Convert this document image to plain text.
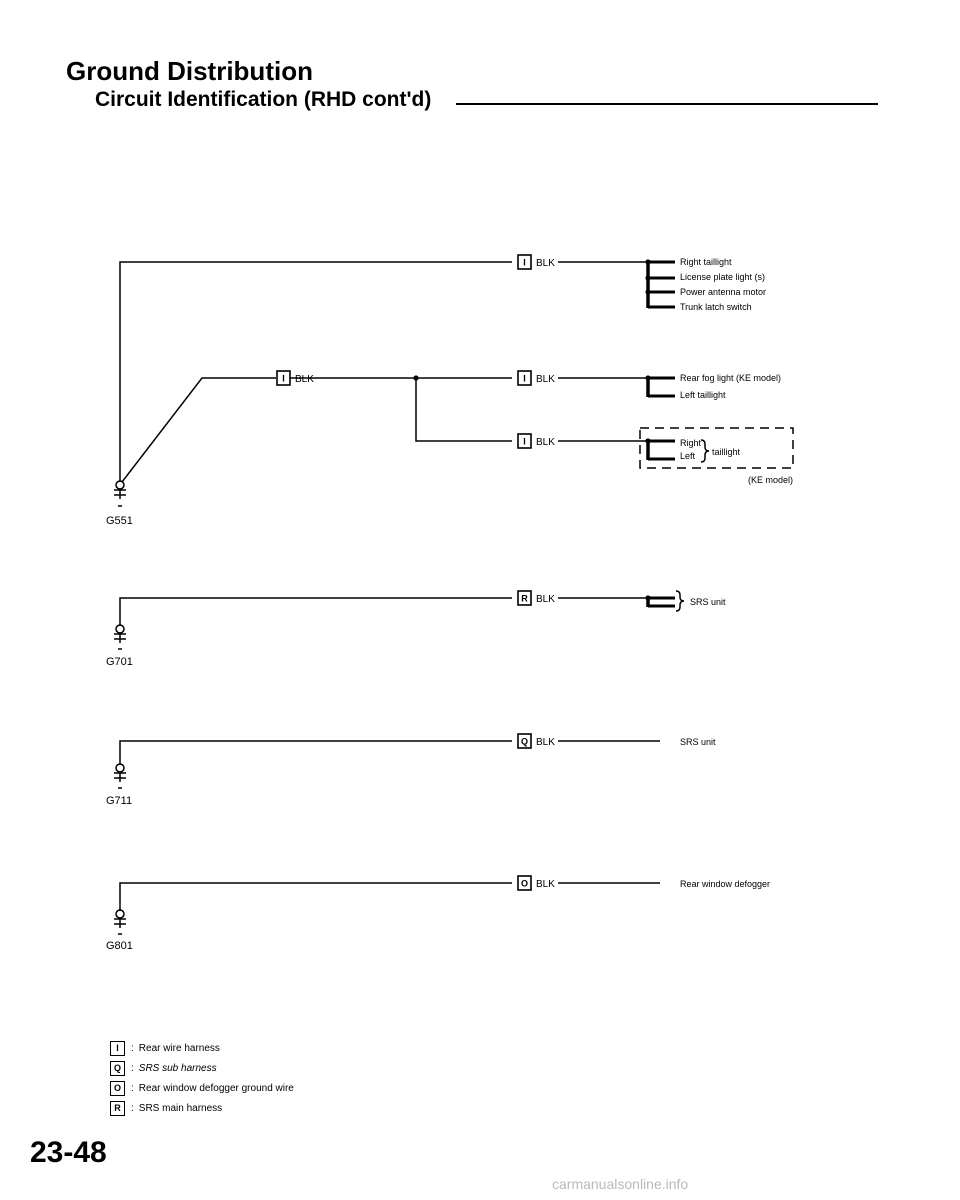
Ground Distribution
Circuit Identification (RHD cont'd)
I
I	I
I
R
Q
O
BLK
BLK	BLK
BLK
BLK
BLK
BLK
Right taillight
License plate light (s)
Power antenna motor
Trunk latch switch
Rear fog light (KE model)
Left taillight
Right
Left taillight
(KE model)
SRS unit
SRS unit
Rear window defogger
G551
G701
G711
G801
I	: Rear wire harness
Q	: SRS sub harness
O	: Rear window defogger ground wire
R	: SRS main harness
23-48
carmanualsonline.info
